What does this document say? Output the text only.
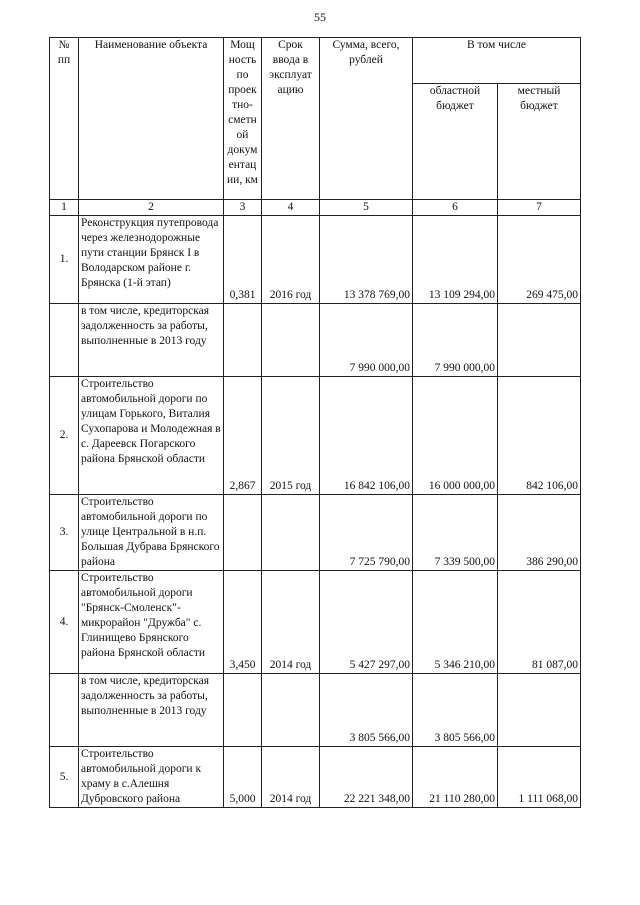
55
№ пп	Наименование объекта	Мощ ность по проек тно-сметн ой докум ентац ии, км	Срок ввода в эксплуат ацию	Сумма, всего, рублей	В том числе	
					областной бюджет	местный бюджет
1	2	3	4	5	6	7
1.	Реконструкция путепровода через железнодорожные пути станции Брянск I в Володарском районе г. Брянска (1-й этап)	0,381	2016 год	13 378 769,00	13 109 294,00	269 475,00
	в том числе, кредиторская задолженность за работы, выполненные в 2013 году			7 990 000,00	7 990 000,00	
2.	Строительство автомобильной дороги по улицам Горького, Виталия Сухопарова и Молодежная в с. Дареевск Погарского района Брянской области	2,867	2015 год	16 842 106,00	16 000 000,00	842 106,00
3.	Строительство автомобильной дороги по улице Центральной в н.п. Большая Дубрава Брянского района			7 725 790,00	7 339 500,00	386 290,00
4.	Строительство автомобильной дороги "Брянск-Смоленск"-микрорайон "Дружба" с. Глинищево Брянского района Брянской области	3,450	2014 год	5 427 297,00	5 346 210,00	81 087,00
	в том числе, кредиторская задолженность за работы, выполненные в 2013 году			3 805 566,00	3 805 566,00	
5.	Строительство автомобильной дороги к храму в с.Алешня Дубровского района	5,000	2014 год	22 221 348,00	21 110 280,00	1 111 068,00
